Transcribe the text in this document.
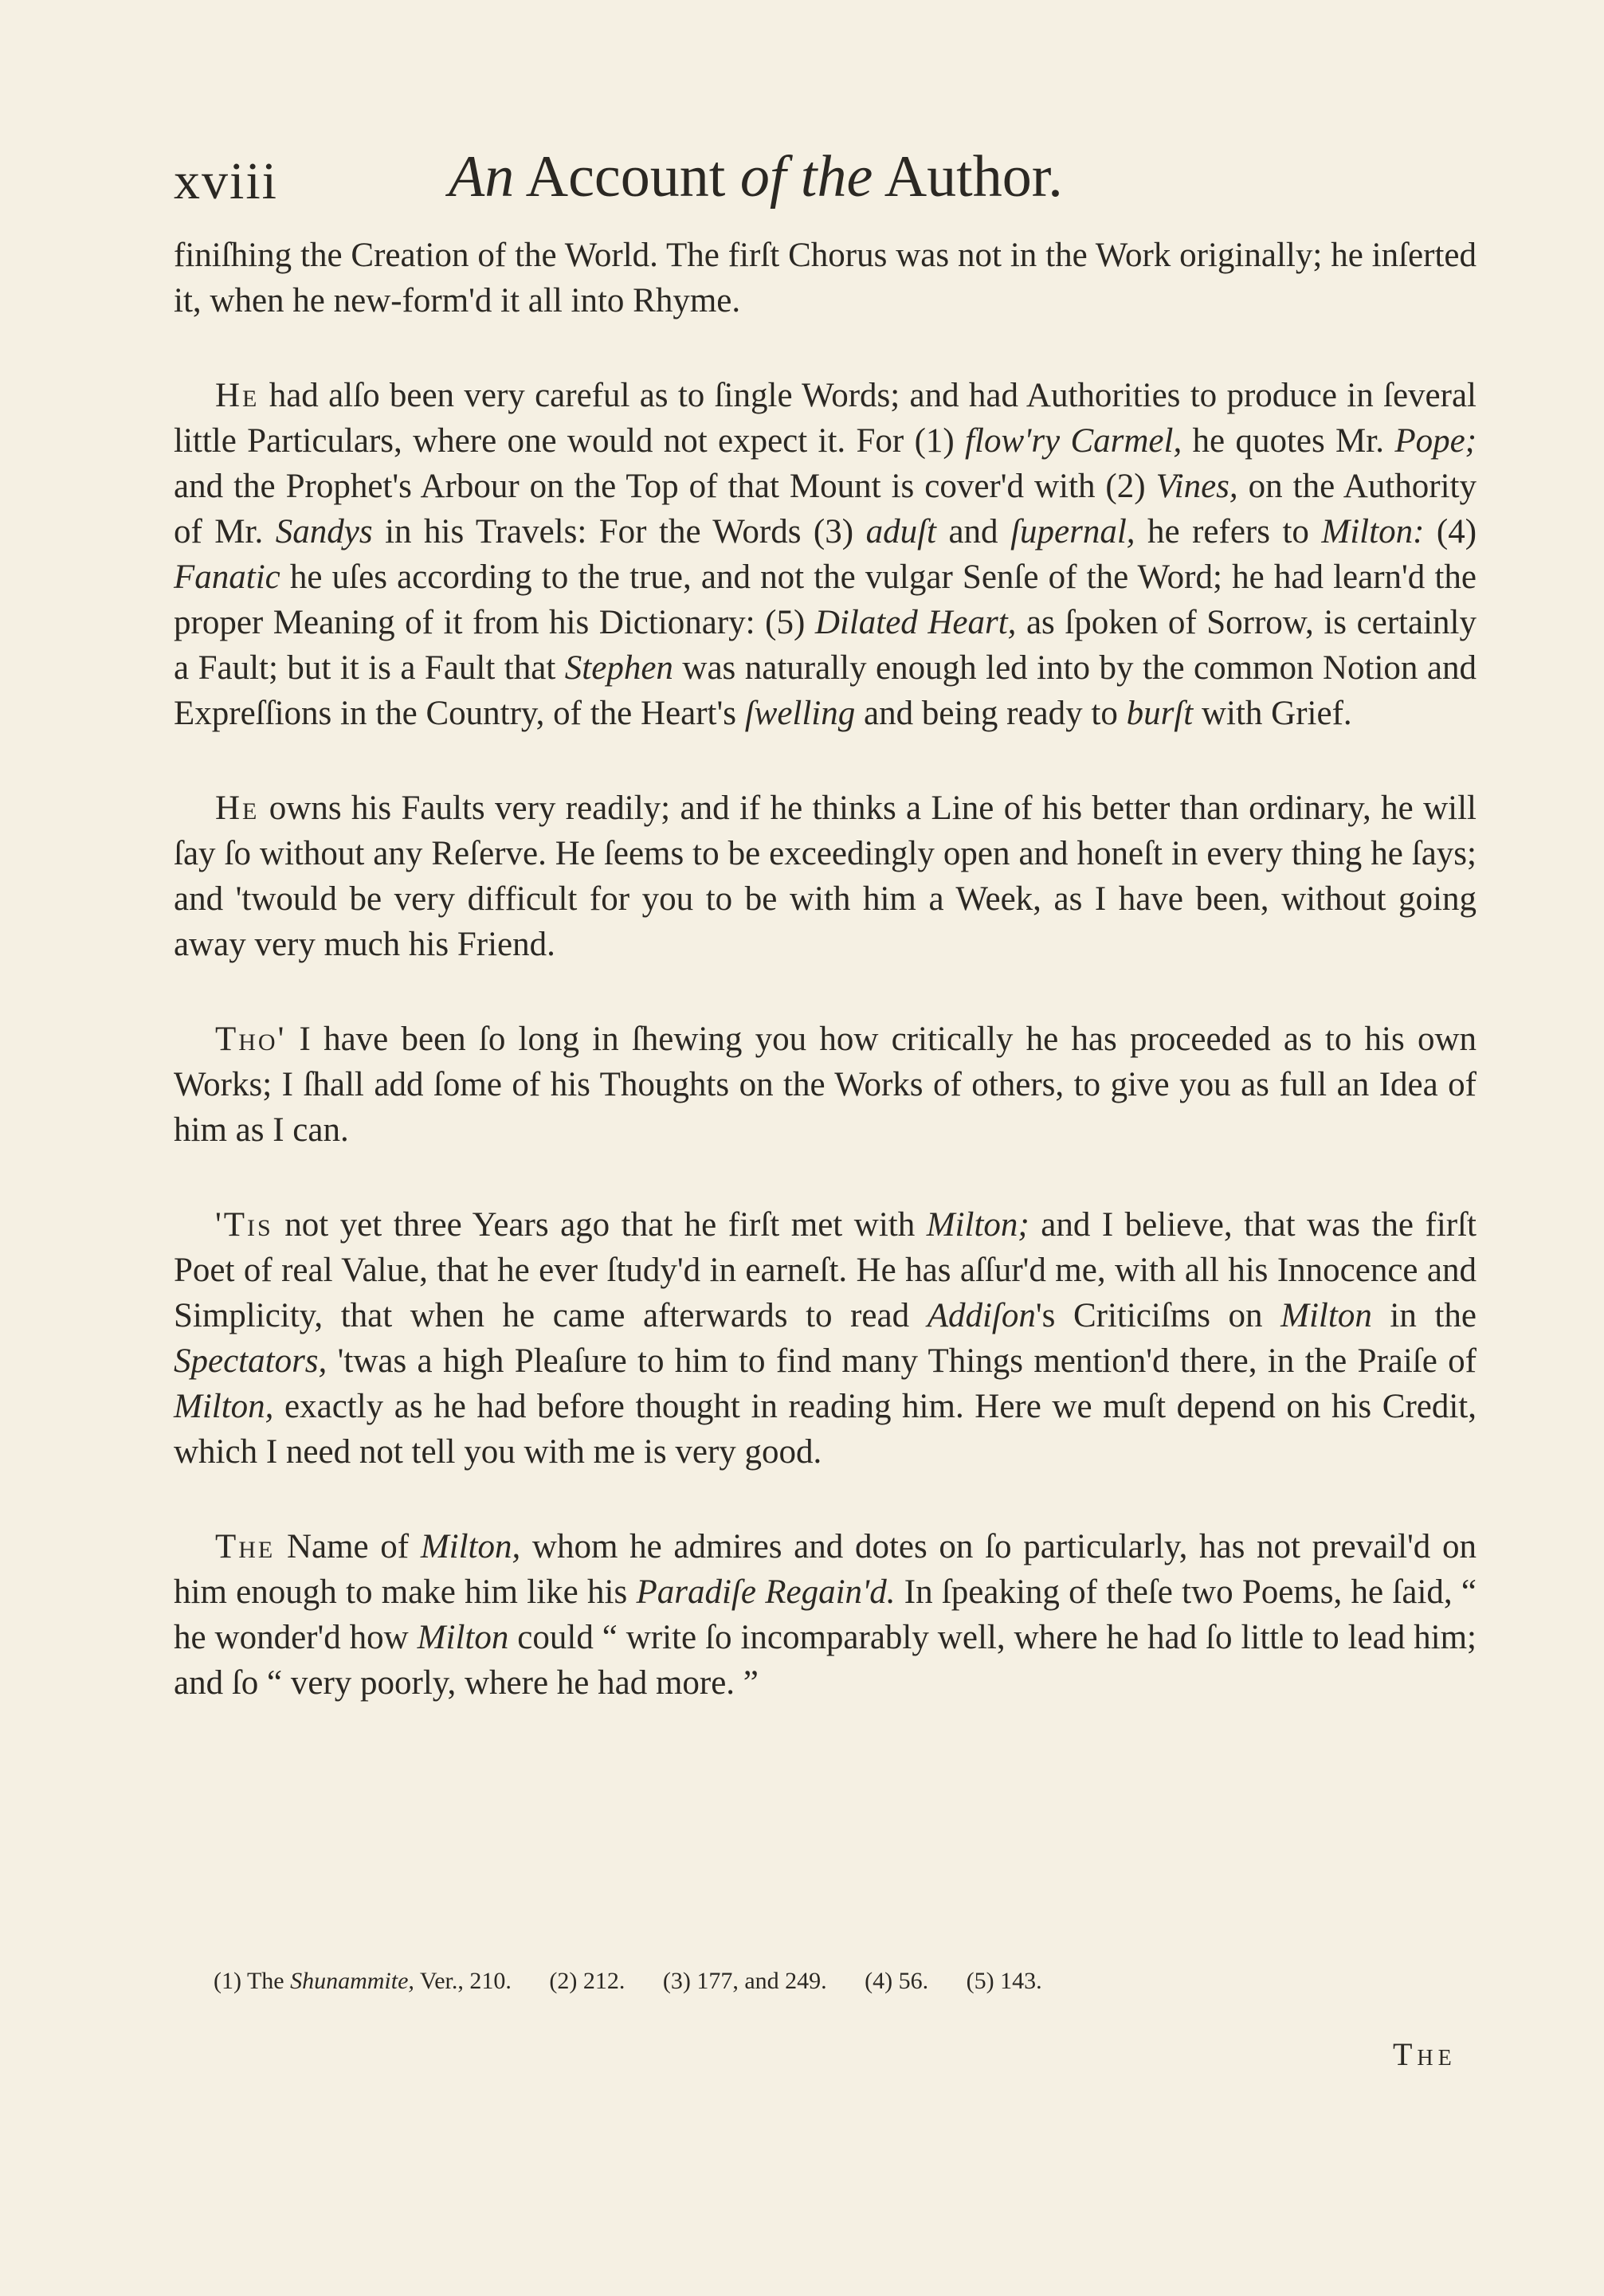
xviii	An Account of the Author.

finiſhing the Creation of the World. The firſt Chorus was not in the Work originally; he inſerted it, when he new-form'd it all into Rhyme.

He had alſo been very careful as to ſingle Words; and had Authorities to produce in ſeveral little Particulars, where one would not expect it. For (1) flow'ry Carmel, he quotes Mr. Pope; and the Prophet's Arbour on the Top of that Mount is cover'd with (2) Vines, on the Authority of Mr. Sandys in his Travels: For the Words (3) aduſt and ſupernal, he refers to Milton: (4) Fanatic he uſes according to the true, and not the vulgar Senſe of the Word; he had learn'd the proper Meaning of it from his Dictionary: (5) Dilated Heart, as ſpoken of Sorrow, is certainly a Fault; but it is a Fault that Stephen was naturally enough led into by the common Notion and Expreſſions in the Country, of the Heart's ſwelling and being ready to burſt with Grief.

He owns his Faults very readily; and if he thinks a Line of his better than ordinary, he will ſay ſo without any Reſerve. He ſeems to be exceedingly open and honeſt in every thing he ſays; and 'twould be very difficult for you to be with him a Week, as I have been, without going away very much his Friend.

Tho' I have been ſo long in ſhewing you how critically he has proceeded as to his own Works; I ſhall add ſome of his Thoughts on the Works of others, to give you as full an Idea of him as I can.

'Tis not yet three Years ago that he firſt met with Milton; and I believe, that was the firſt Poet of real Value, that he ever ſtudy'd in earneſt. He has aſſur'd me, with all his Innocence and Simplicity, that when he came afterwards to read Addiſon's Criticiſms on Milton in the Spectators, 'twas a high Pleaſure to him to find many Things mention'd there, in the Praiſe of Milton, exactly as he had before thought in reading him. Here we muſt depend on his Credit, which I need not tell you with me is very good.

The Name of Milton, whom he admires and dotes on ſo particularly, has not prevail'd on him enough to make him like his Paradiſe Regain'd. In ſpeaking of theſe two Poems, he ſaid, “ he wonder'd how Milton could “ write ſo incomparably well, where he had ſo little to lead him; and ſo “ very poorly, where he had more. ”

(1) The Shunammite, Ver., 210. (2) 212. (3) 177, and 249. (4) 56. (5) 143.
The
